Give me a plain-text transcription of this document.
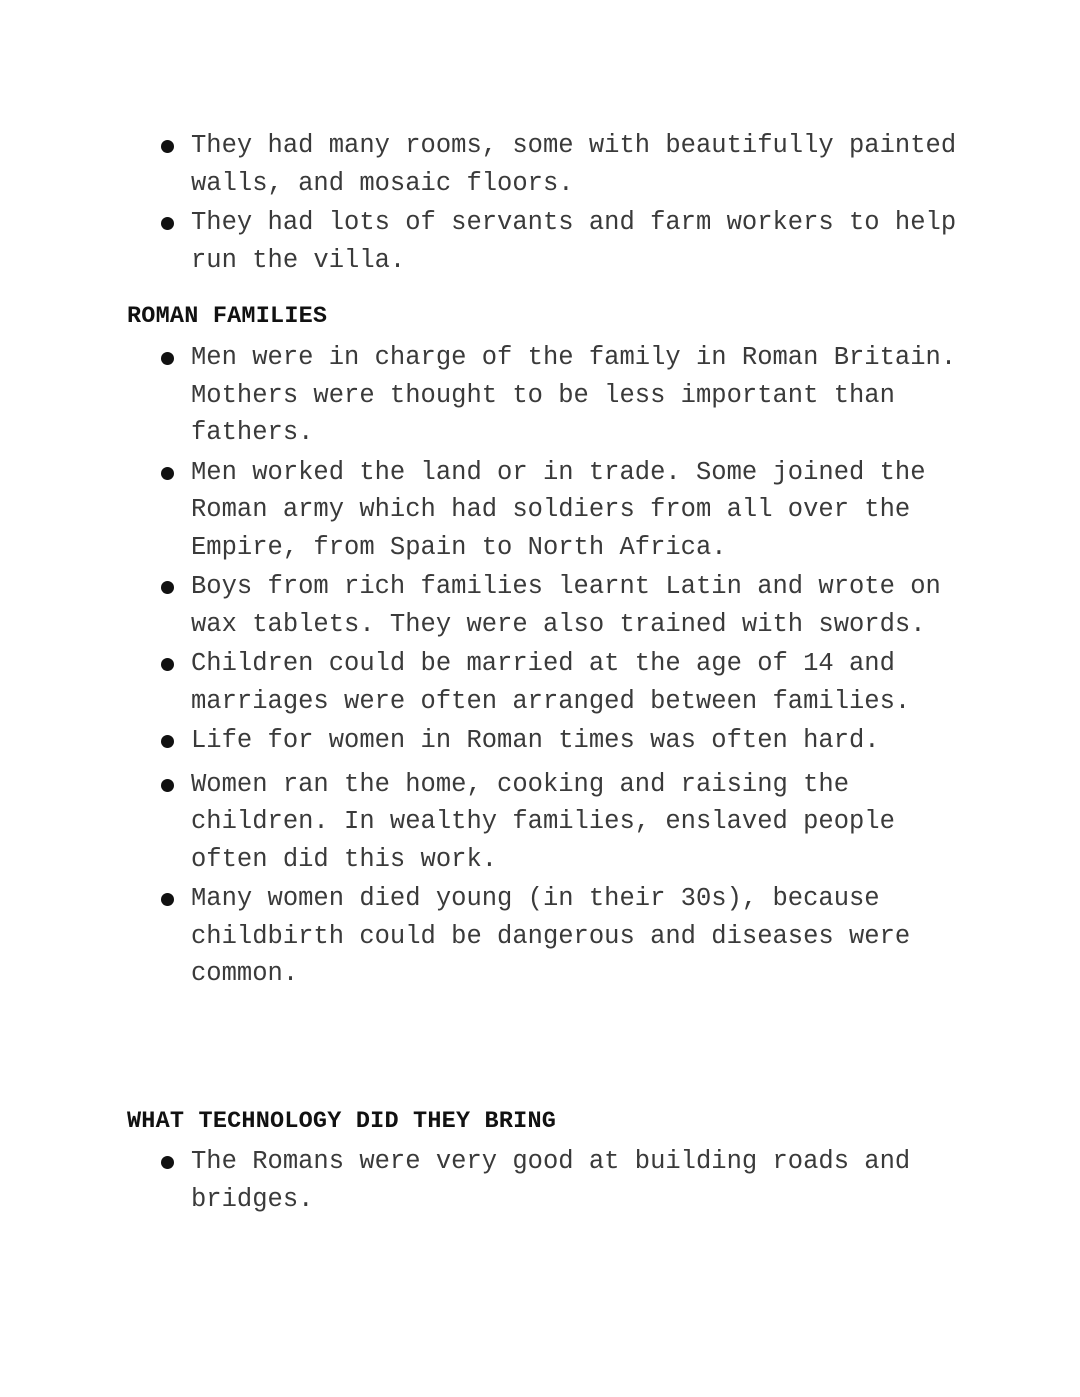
They had many rooms, some with beautifully painted walls, and mosaic floors.
They had lots of servants and farm workers to help run the villa.
ROMAN FAMILIES
Men were in charge of the family in Roman Britain. Mothers were thought to be less important than fathers.
Men worked the land or in trade. Some joined the Roman army which had soldiers from all over the Empire, from Spain to North Africa.
Boys from rich families learnt Latin and wrote on wax tablets. They were also trained with swords.
Children could be married at the age of 14 and marriages were often arranged between families.
Life for women in Roman times was often hard.
Women ran the home, cooking and raising the children. In wealthy families, enslaved people often did this work.
Many women died young (in their 30s), because childbirth could be dangerous and diseases were common.
WHAT TECHNOLOGY DID THEY BRING
The Romans were very good at building roads and bridges.
